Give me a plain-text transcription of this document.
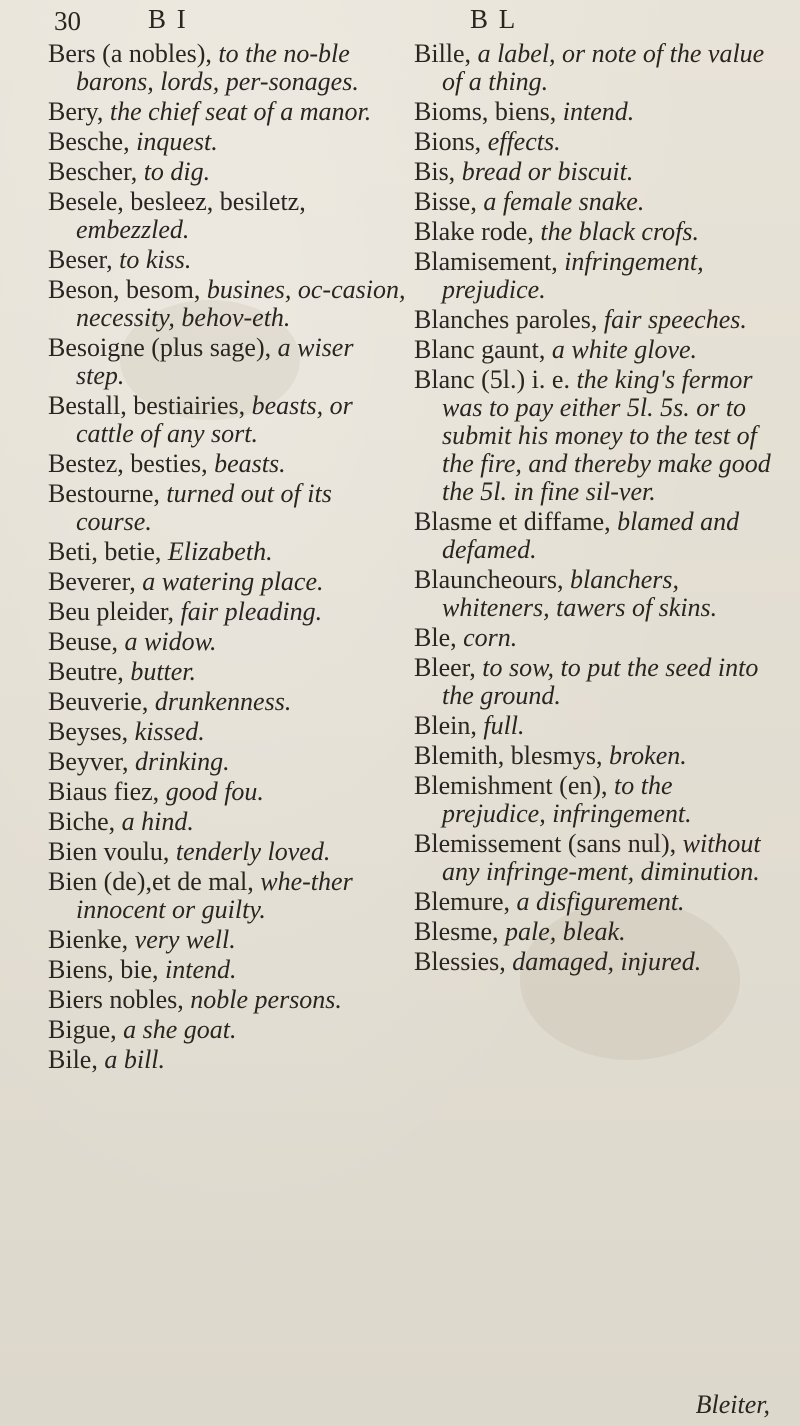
30 B I	B L

Bers (a nobles), to the no-ble barons, lords, per-sonages.

Bery, the chief seat of a manor.

Besche, inquest.

Bescher, to dig.

Besele, besleez, besiletz, embezzled.

Beser, to kiss.

Beson, besom, busines, oc-casion, necessity, behov-eth.

Besoigne (plus sage), a wiser step.

Bestall, bestiairies, beasts, or cattle of any sort.

Bestez, besties, beasts.

Bestourne, turned out of its course.

Beti, betie, Elizabeth.

Beverer, a watering place.

Beu pleider, fair pleading.

Beuse, a widow.

Beutre, butter.

Beuverie, drunkenness.

Beyses, kissed.

Beyver, drinking.

Biaus fiez, good fou.

Biche, a hind.

Bien voulu, tenderly loved.

Bien (de),et de mal, whe-ther innocent or guilty.

Bienke, very well.

Biens, bie, intend.

Biers nobles, noble persons.

Bigue, a she goat.

Bile, a bill.

Bille, a label, or note of the value of a thing.

Bioms, biens, intend.

Bions, effects.

Bis, bread or biscuit.

Bisse, a female snake.

Blake rode, the black crofs.

Blamisement, infringement, prejudice.

Blanches paroles, fair speeches.

Blanc gaunt, a white glove.

Blanc (5l.) i. e. the king's fermor was to pay either 5l. 5s. or to submit his money to the test of the fire, and thereby make good the 5l. in fine sil-ver.

Blasme et diffame, blamed and defamed.

Blauncheours, blanchers, whiteners, tawers of skins.

Ble, corn.

Bleer, to sow, to put the seed into the ground.

Blein, full.

Blemith, blesmys, broken.

Blemishment (en), to the prejudice, infringement.

Blemissement (sans nul), without any infringe-ment, diminution.

Blemure, a disfigurement.

Blesme, pale, bleak.

Blessies, damaged, injured.

Bleiter,
